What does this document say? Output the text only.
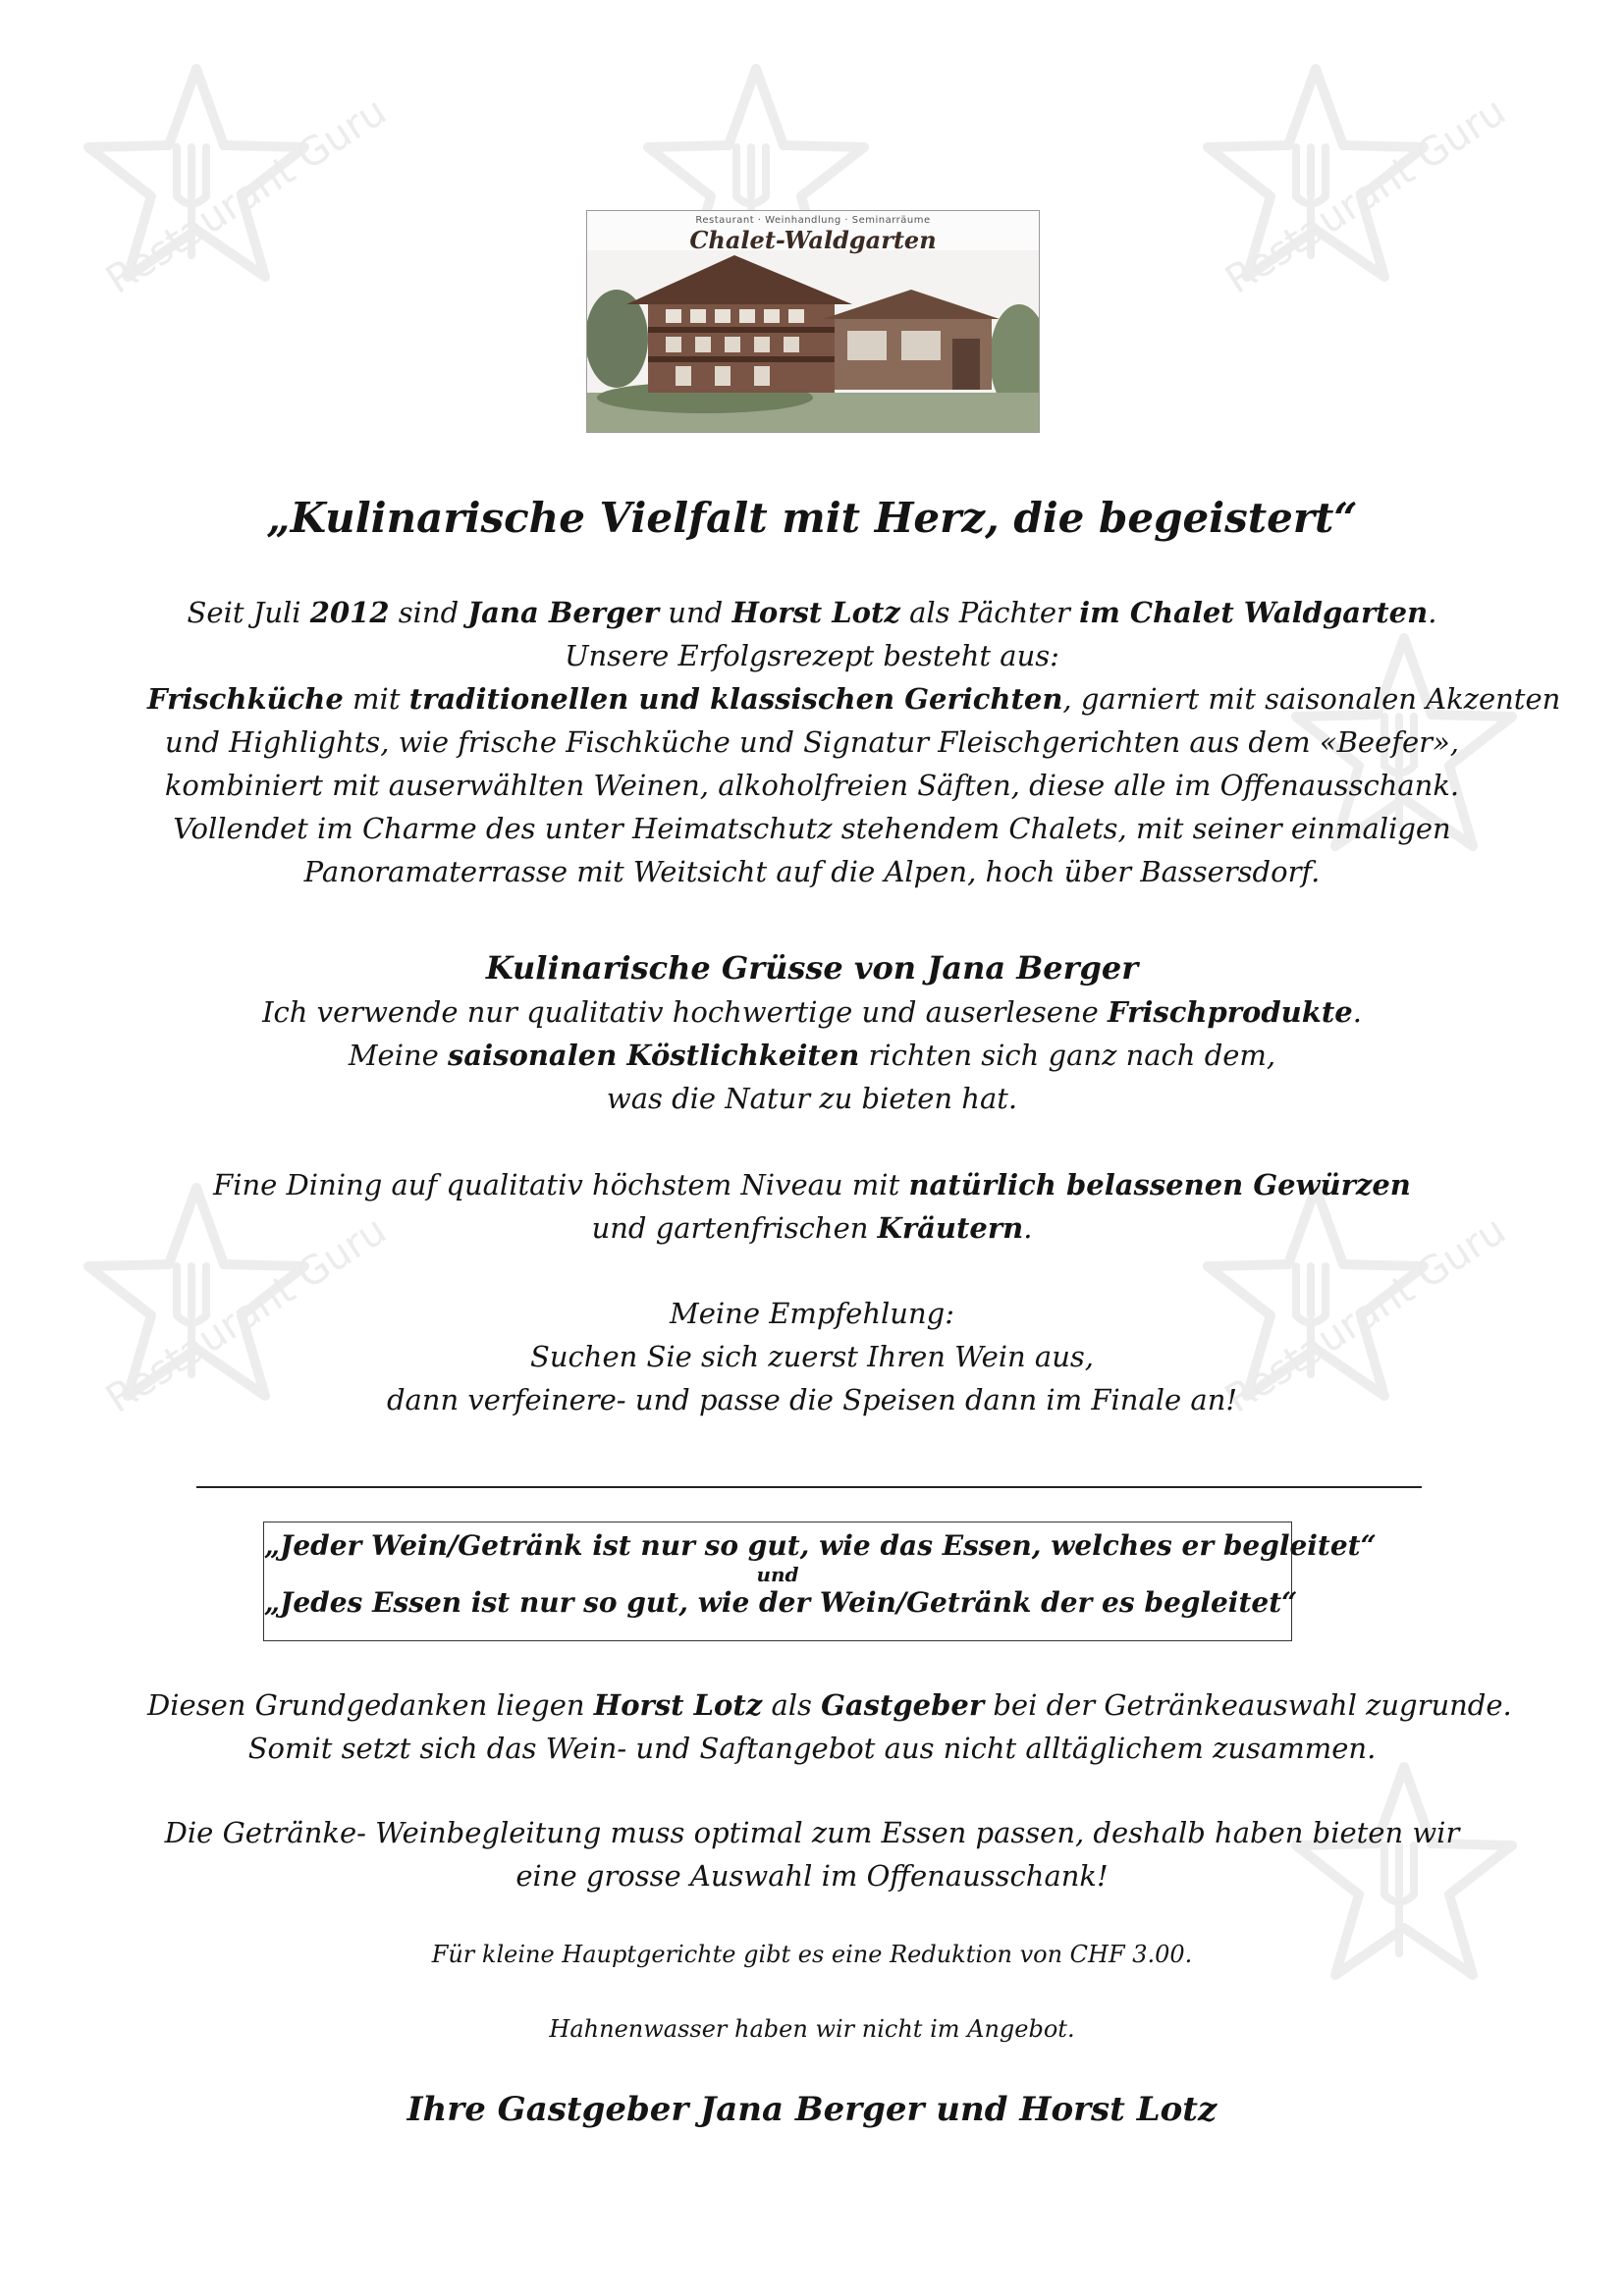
Restaurant Guru	Restaurant Guru
Restaurant Guru	Restaurant Guru
Restaurant · Weinhandlung · Seminarräume
Chalet-Waldgarten
„Kulinarische Vielfalt mit Herz, die begeistert“

Seit Juli 2012 sind Jana Berger und Horst Lotz als Pächter im Chalet Waldgarten.

Unsere Erfolgsrezept besteht aus:

Frischküche mit traditionellen und klassischen Gerichten, garniert mit saisonalen Akzenten

und Highlights, wie frische Fischküche und Signatur Fleischgerichten aus dem «Beefer»,

kombiniert mit auserwählten Weinen, alkoholfreien Säften, diese alle im Offenausschank.

Vollendet im Charme des unter Heimatschutz stehendem Chalets, mit seiner einmaligen

Panoramaterrasse mit Weitsicht auf die Alpen, hoch über Bassersdorf.

Kulinarische Grüsse von Jana Berger

Ich verwende nur qualitativ hochwertige und auserlesene Frischprodukte.

Meine saisonalen Köstlichkeiten richten sich ganz nach dem,

was die Natur zu bieten hat.

Fine Dining auf qualitativ höchstem Niveau mit natürlich belassenen Gewürzen

und gartenfrischen Kräutern.

Meine Empfehlung:

Suchen Sie sich zuerst Ihren Wein aus,

dann verfeinere- und passe die Speisen dann im Finale an!

„Jeder Wein/Getränk ist nur so gut, wie das Essen, welches er begleitet“
und
„Jedes Essen ist nur so gut, wie der Wein/Getränk der es begleitet“

Diesen Grundgedanken liegen Horst Lotz als Gastgeber bei der Getränkeauswahl zugrunde.

Somit setzt sich das Wein- und Saftangebot aus nicht alltäglichem zusammen.

Die Getränke- Weinbegleitung muss optimal zum Essen passen, deshalb haben bieten wir

eine grosse Auswahl im Offenausschank!

Für kleine Hauptgerichte gibt es eine Reduktion von CHF 3.00.
Hahnenwasser haben wir nicht im Angebot.
Ihre Gastgeber Jana Berger und Horst Lotz
